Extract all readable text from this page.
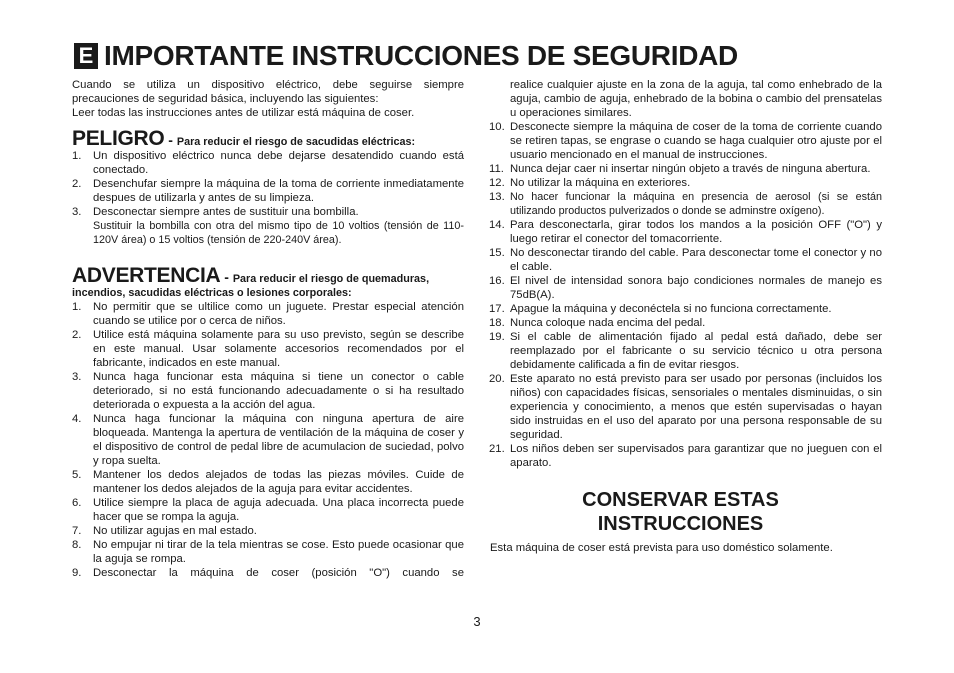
E IMPORTANTE INSTRUCCIONES DE SEGURIDAD

Cuando se utiliza un dispositivo eléctrico, debe seguirse siempre precauciones de seguridad básica, incluyendo las siguientes:

Leer todas las instrucciones antes de utilizar está máquina de coser.

PELIGRO - Para reducir el riesgo de sacudidas eléctricas:
1.	Un dispositivo eléctrico nunca debe dejarse desatendido cuando está conectado.
2.	Desenchufar siempre la máquina de la toma de corriente inmediatamente despues de utilizarla y antes de su limpieza.
3.	Desconectar siempre antes de sustituir una bombilla.
Sustituir la bombilla con otra del mismo tipo de 10 voltios (tensión de 110-120V área) o 15 voltios (tensión de 220-240V área).
ADVERTENCIA - Para reducir el riesgo de quemaduras,
incendios, sacudidas eléctricas o lesiones corporales:
1.	No permitir que se ultilice como un juguete. Prestar especial atención cuando se utilice por o cerca de niños.
2.	Utilice está máquina solamente para su uso previsto, según se describe en este manual. Usar solamente accesorios recomendados por el fabricante, indicados en este manual.
3.	Nunca haga funcionar esta máquina si tiene un conector o cable deteriorado, si no está funcionando adecuadamente o si ha resultado deteriorada o expuesta a la acción del agua.
4.	Nunca haga funcionar la máquina con ninguna apertura de aire bloqueada. Mantenga la apertura de ventilación de la máquina de coser y el dispositivo de control de pedal libre de acumulacion de suciedad, polvo y ropa suelta.
5.	Mantener los dedos alejados de todas las piezas móviles. Cuide de mantener los dedos alejados de la aguja para evitar accidentes.
6.	Utilice siempre la placa de aguja adecuada. Una placa incorrecta puede hacer que se rompa la aguja.
7.	No utilizar agujas en mal estado.
8.	No empujar ni tirar de la tela mientras se cose. Esto puede ocasionar que la aguja se rompa.
9.	Desconectar la máquina de coser (posición "O") cuando se
realice cualquier ajuste en la zona de la aguja, tal como enhebrado de la aguja, cambio de aguja, enhebrado de la bobina o cambio del prensatelas u operaciones similares.
10. Desconecte siempre la máquina de coser de la toma de corriente cuando se retiren tapas, se engrase o cuando se haga cualquier otro ajuste por el usuario mencionado en el manual de instrucciones.
11. Nunca dejar caer ni insertar ningún objeto a través de ninguna abertura.
12. No utilizar la máquina en exteriores.
13. No hacer funcionar la máquina en presencia de aerosol (si se están utilizando productos pulverizados o donde se adminstre oxígeno).
14. Para desconectarla, girar todos los mandos a la posición OFF ("O") y luego retirar el conector del tomacorriente.
15. No desconectar tirando del cable. Para desconectar tome el conector y no el cable.
16. El nivel de intensidad sonora bajo condiciones normales de manejo es 75dB(A).
17. Apague la máquina y deconéctela si no funciona correctamente.
18. Nunca coloque nada encima del pedal.
19. Si el cable de alimentación fijado al pedal está dañado, debe ser reemplazado por el fabricante o su servicio técnico u otra persona debidamente calificada a fin de evitar riesgos.
20. Este aparato no está previsto para ser usado por personas (incluidos los niños) con capacidades físicas, sensoriales o mentales disminuidas, o sin experiencia y conocimiento, a menos que estén supervisadas o hayan sido instruidas en el uso del aparato por una persona responsable de su seguridad.
21. Los niños deben ser supervisados para garantizar que no jueguen con el aparato.
CONSERVAR ESTAS
INSTRUCCIONES
Esta máquina de coser está prevista para uso doméstico solamente.
3
